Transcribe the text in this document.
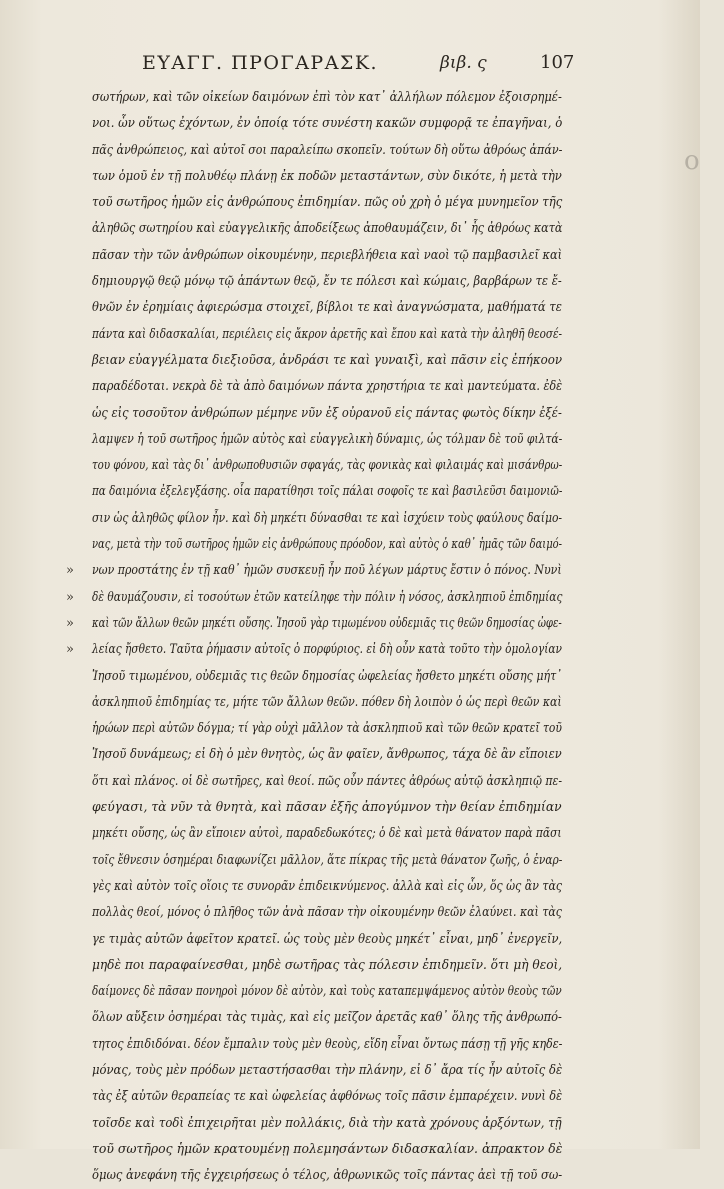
ΕΥΑΓΓ. ΠΡΟΓΑΡΑΣΚ.	βιβ. ς	107
σωτήρων, καὶ τῶν οἰκείων δαιμόνων ἐπὶ τὸν κατ᾽ ἀλλήλων πόλεμον ἐξοισρημέ-
νοι. ὧν οὕτως ἐχόντων, ἐν ὁποίᾳ τότε συνέστη κακῶν συμφορᾷ τε ἐπαγῆναι, ὁ
πᾶς ἀνθρώπειος, καὶ αὐτοῖ σοι παραλείπω σκοπεῖν. τούτων δὴ οὕτω ἀθρόως ἀπάν-
των ὁμοῦ ἐν τῇ πολυθέῳ πλάνῃ ἐκ ποδῶν μεταστάντων, σὺν δικότε, ἡ μετὰ τὴν
τοῦ σωτῆρος ἡμῶν εἰς ἀνθρώπους ἐπιδημίαν. πῶς οὐ χρὴ ὁ μέγα μυνημεῖον τῆς
ἀληθῶς σωτηρίου καὶ εὐαγγελικῆς ἀποδείξεως ἀποθαυμάζειν, δι᾽ ἧς ἀθρόως κατὰ
πᾶσαν τὴν τῶν ἀνθρώπων οἰκουμένην, περιεβλήθεια καὶ ναοὶ τῷ παμβασιλεῖ καὶ
δημιουργῷ θεῷ μόνῳ τῷ ἁπάντων θεῷ, ἔν τε πόλεσι καὶ κώμαις, βαρβάρων τε ἔ-
θνῶν ἐν ἐρημίαις ἀφιερώσμα στοιχεῖ, βίβλοι τε καὶ ἀναγνώσματα, μαθήματά τε
πάντα καὶ διδασκαλίαι, περιέλεις εἰς ἄκρον ἀρετῆς καὶ ἔπου καὶ κατὰ τὴν ἀληθῆ θεοσέ-
βειαν εὐαγγέλματα διεξιοῦσα, ἀνδράσι τε καὶ γυναιξὶ, καὶ πᾶσιν εἰς ἐπήκοον
παραδέδοται. νεκρὰ δὲ τὰ ἀπὸ δαιμόνων πάντα χρηστήρια τε καὶ μαντεύματα. ἐδὲ
ὡς εἰς τοσοῦτον ἀνθρώπων μέμηνε νῦν ἐξ οὐρανοῦ εἰς πάντας φωτὸς δίκην ἐξέ-
λαμψεν ἡ τοῦ σωτῆρος ἡμῶν αὐτὸς καὶ εὐαγγελικὴ δύναμις, ὡς τόλμαν δὲ τοῦ φιλτά-
του φόνου, καὶ τὰς δι᾽ ἀνθρωποθυσιῶν σφαγάς, τὰς φονικὰς καὶ φιλαιμάς καὶ μισάνθρω-
πα δαιμόνια ἐξελεγξάσης. οἷα παρατίθησι τοῖς πάλαι σοφοῖς τε καὶ βασιλεῦσι δαιμονιῶ-
σιν ὡς ἀληθῶς φίλον ἦν. καὶ δὴ μηκέτι δύνασθαι τε καὶ ἰσχύειν τοὺς φαύλους δαίμο-
νας, μετὰ τὴν τοῦ σωτῆρος ἡμῶν εἰς ἀνθρώπους πρόοδον, καὶ αὐτὸς ὁ καθ᾽ ἡμᾶς τῶν δαιμό-
» νων προστάτης ἐν τῇ καθ᾽ ἡμῶν συσκευῇ ἦν ποῦ λέγων μάρτυς ἔστιν ὁ πόνος. Νυνὶ
» δὲ θαυμάζουσιν, εἰ τοσούτων ἐτῶν κατείληφε τὴν πόλιν ἡ νόσος, ἀσκληπιοῦ ἐπιδημίας
» καὶ τῶν ἄλλων θεῶν μηκέτι οὔσης. Ἰησοῦ γὰρ τιμωμένου οὐδεμιᾶς τις θεῶν δημοσίας ὠφε-
» λείας ἤσθετο. Ταῦτα ῥήμασιν αὐτοῖς ὁ πορφύριος. εἰ δὴ οὖν κατὰ τοῦτο τὴν ὁμολογίαν
Ἰησοῦ τιμωμένου, οὐδεμιᾶς τις θεῶν δημοσίας ὠφελείας ἤσθετο μηκέτι οὔσης μήτ᾽
ἀσκληπιοῦ ἐπιδημίας τε, μήτε τῶν ἄλλων θεῶν. πόθεν δὴ λοιπὸν ὁ ὡς περὶ θεῶν καὶ
ἡρώων περὶ αὐτῶν δόγμα; τί γὰρ οὐχὶ μᾶλλον τὰ ἀσκληπιοῦ καὶ τῶν θεῶν κρατεῖ τοῦ
Ἰησοῦ δυνάμεως; εἰ δὴ ὁ μὲν θνητὸς, ὡς ἂν φαῖεν, ἄνθρωπος, τάχα δὲ ἂν εἴποιεν
ὅτι καὶ πλάνος. οἱ δὲ σωτῆρες, καὶ θεοί. πῶς οὖν πάντες ἀθρόως αὐτῷ ἀσκληπιῷ πε-
φεύγασι, τὰ νῦν τὰ θνητὰ, καὶ πᾶσαν ἐξῆς ἀπογύμνον τὴν θείαν ἐπιδημίαν
μηκέτι οὔσης, ὡς ἂν εἴποιεν αὐτοὶ, παραδεδωκότες; ὁ δὲ καὶ μετὰ θάνατον παρὰ πᾶσι
τοῖς ἔθνεσιν ὁσημέραι διαφωνίζει μᾶλλον, ἅτε πίκρας τῆς μετὰ θάνατον ζωῆς, ὁ ἐναρ-
γὲς καὶ αὐτὸν τοῖς οἵοις τε συνορᾶν ἐπιδεικνύμενος. ἀλλὰ καὶ εἰς ὧν, ὅς ὡς ἂν τὰς
πολλὰς θεοί, μόνος ὁ πλῆθος τῶν ἀνὰ πᾶσαν τὴν οἰκουμένην θεῶν ἐλαύνει. καὶ τὰς
γε τιμὰς αὐτῶν ἀφεῖτον κρατεῖ. ὡς τοὺς μὲν θεοὺς μηκέτ᾽ εἶναι, μηδ᾽ ἐνεργεῖν,
μηδὲ ποι παραφαίνεσθαι, μηδὲ σωτῆρας τὰς πόλεσιν ἐπιδημεῖν. ὅτι μὴ θεοὶ,
δαίμονες δὲ πᾶσαν πονηροὶ μόνον δὲ αὐτὸν, καὶ τοὺς καταπεμψάμενος αὐτὸν θεοὺς τῶν
ὅλων αὔξειν ὁσημέραι τὰς τιμὰς, καὶ εἰς μεῖζον ἀρετᾶς καθ᾽ ὅλης τῆς ἀνθρωπό-
τητος ἐπιδιδόναι. δέον ἔμπαλιν τοὺς μὲν θεοὺς, εἴδη εἶναι ὄντως πάσῃ τῇ γῆς κηδε-
μόνας, τοὺς μὲν πρόδων μεταστήσασθαι τὴν πλάνην, εἰ δ᾽ ἄρα τίς ἦν αὐτοῖς δὲ
τὰς ἐξ αὐτῶν θεραπείας τε καὶ ὠφελείας ἀφθόνως τοῖς πᾶσιν ἐμπαρέχειν. νυνὶ δὲ
τοῖσδε καὶ τοδὶ ἐπιχειρῆται μὲν πολλάκις, διὰ τὴν κατὰ χρόνους ἀρξόντων, τῇ
τοῦ σωτῆρος ἡμῶν κρατουμένῃ πολεμησάντων διδασκαλίαν. ἀπρακτον δὲ
ὅμως ἀνεφάνη τῆς ἐγχειρήσεως ὁ τέλος, ἀθρωνικῶς τοῖς πάντας ἀεὶ τῇ τοῦ σω-
o
